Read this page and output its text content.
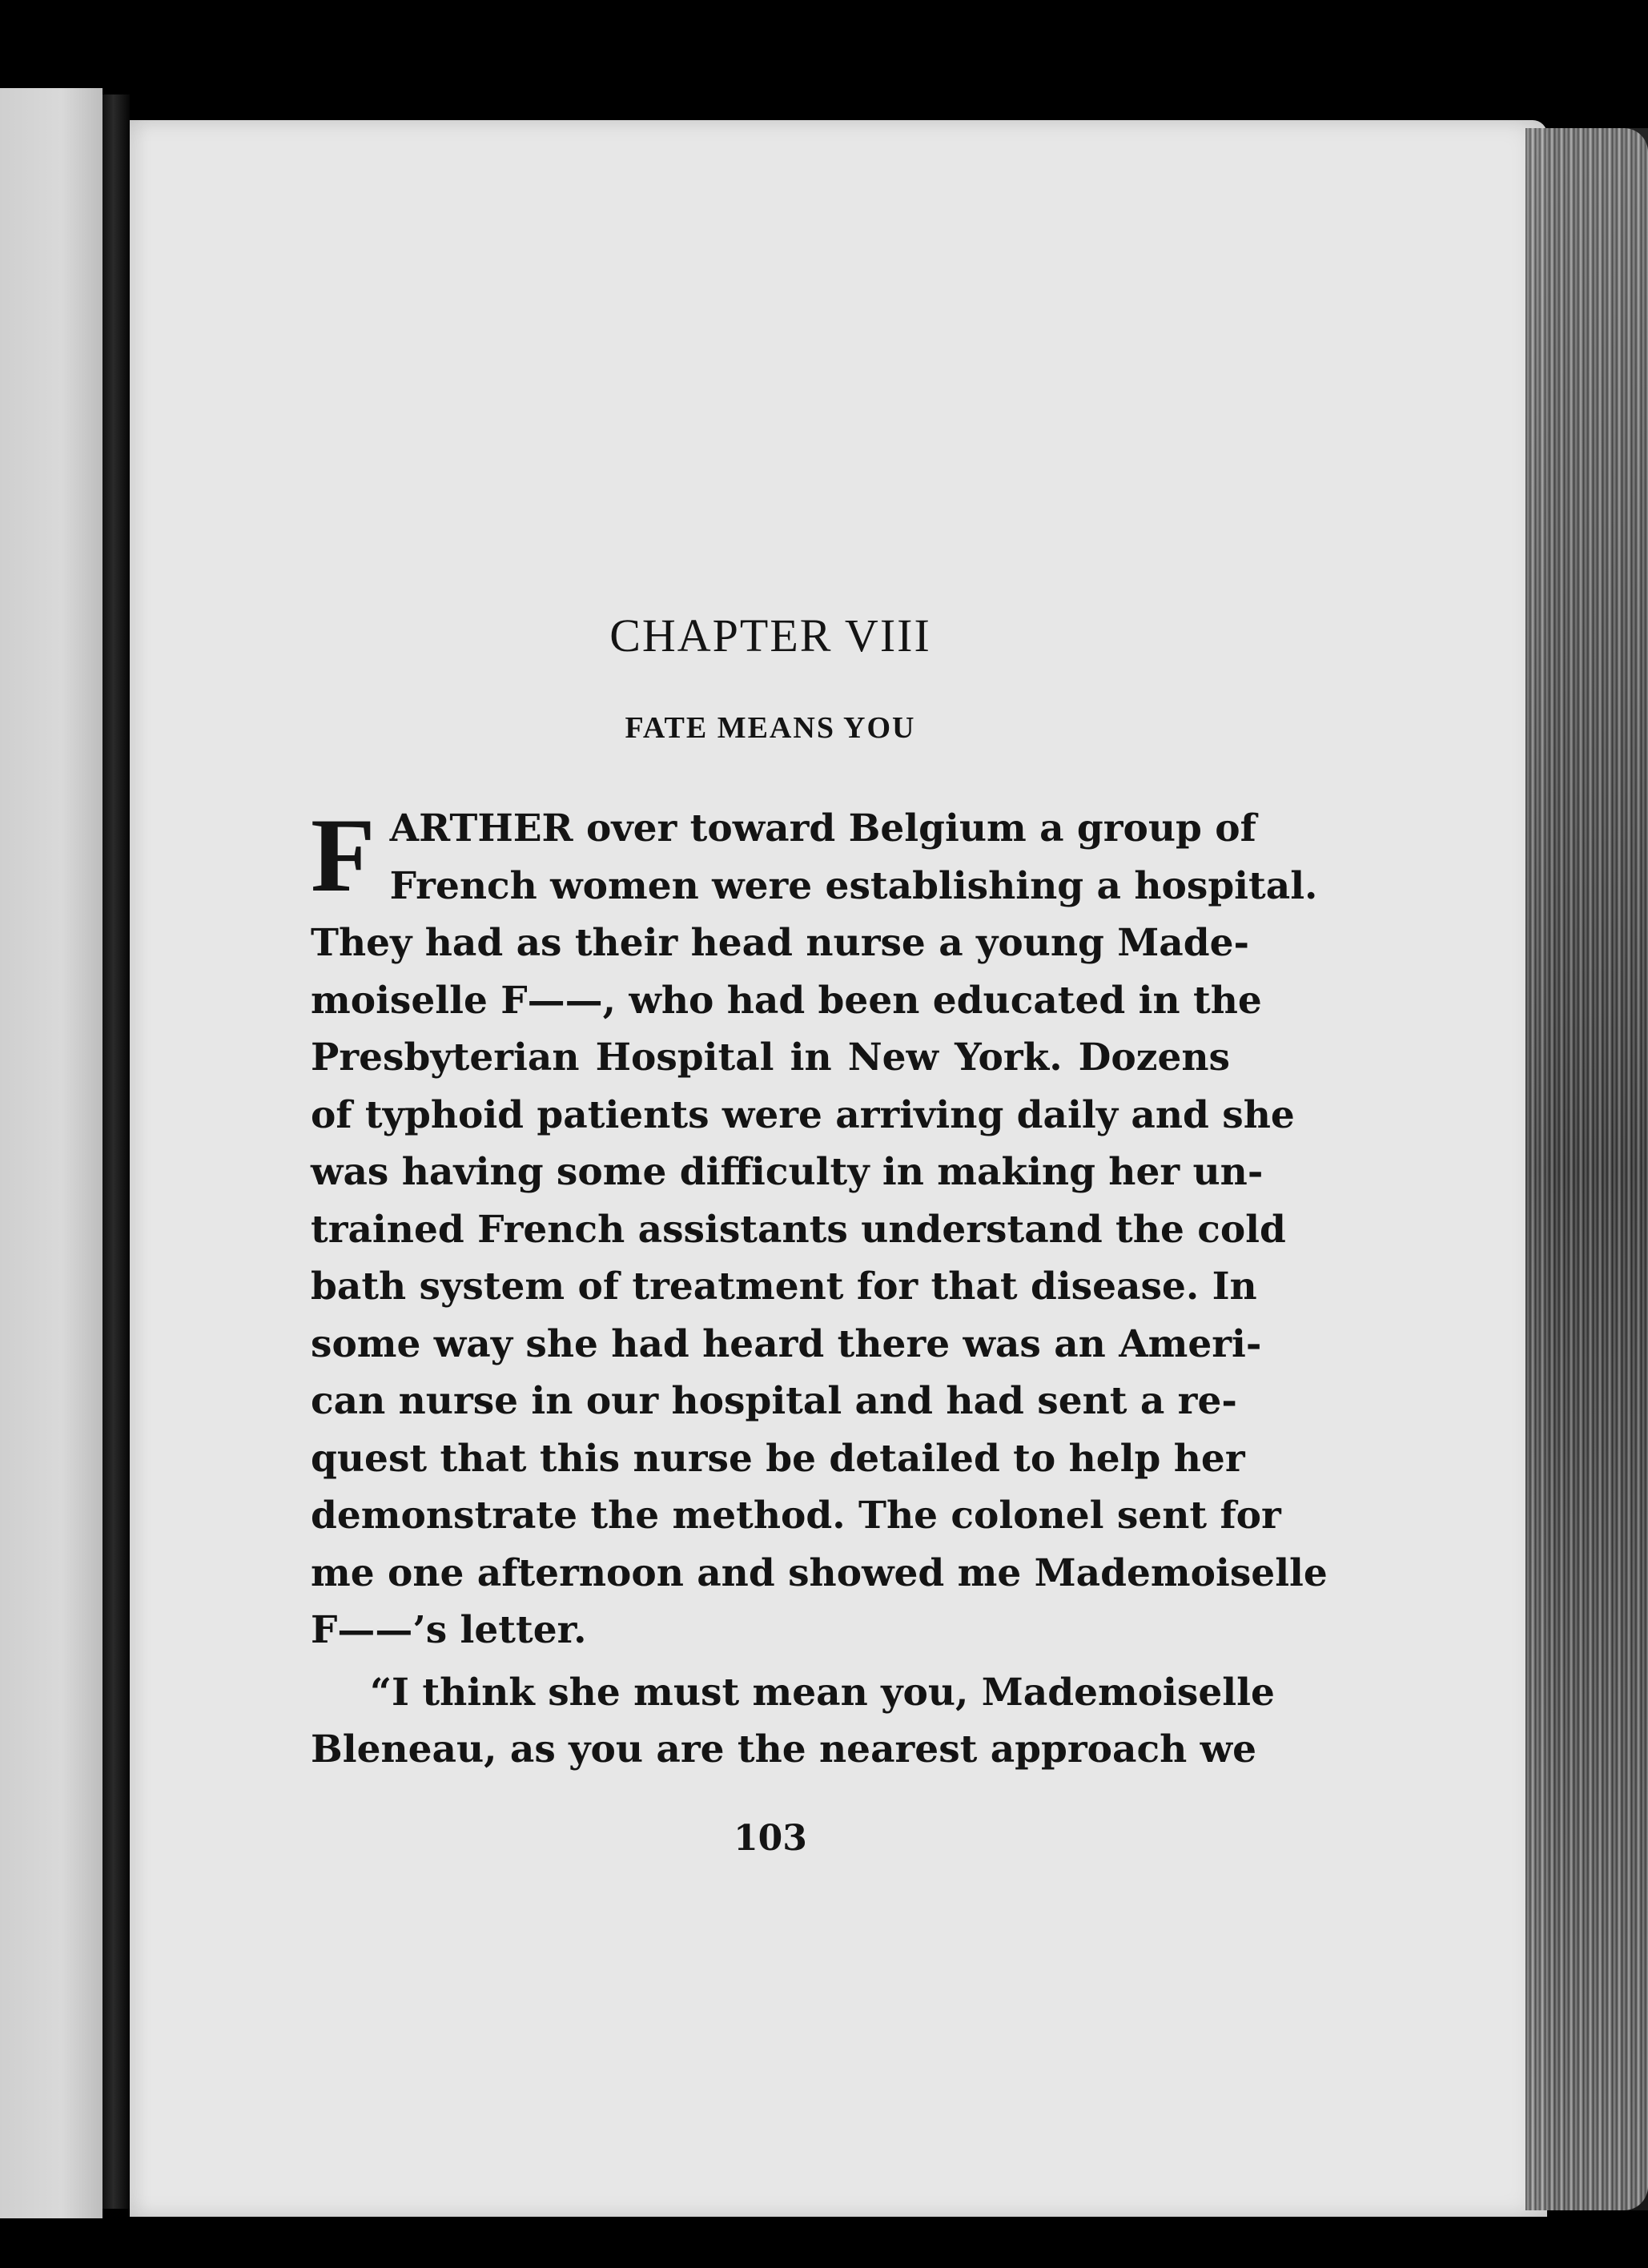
CHAPTER VIII
FATE MEANS YOU
F ARTHER over toward Belgium a group of
French women were establishing a hospital.
They had as their head nurse a young Made-
moiselle F——, who had been educated in the
Presbyterian Hospital in New York. Dozens
of typhoid patients were arriving daily and she
was having some difficulty in making her un-
trained French assistants understand the cold
bath system of treatment for that disease. In
some way she had heard there was an Ameri-
can nurse in our hospital and had sent a re-
quest that this nurse be detailed to help her
demonstrate the method. The colonel sent for
me one afternoon and showed me Mademoiselle
F——’s letter.
“I think she must mean you, Mademoiselle
Bleneau, as you are the nearest approach we
103
